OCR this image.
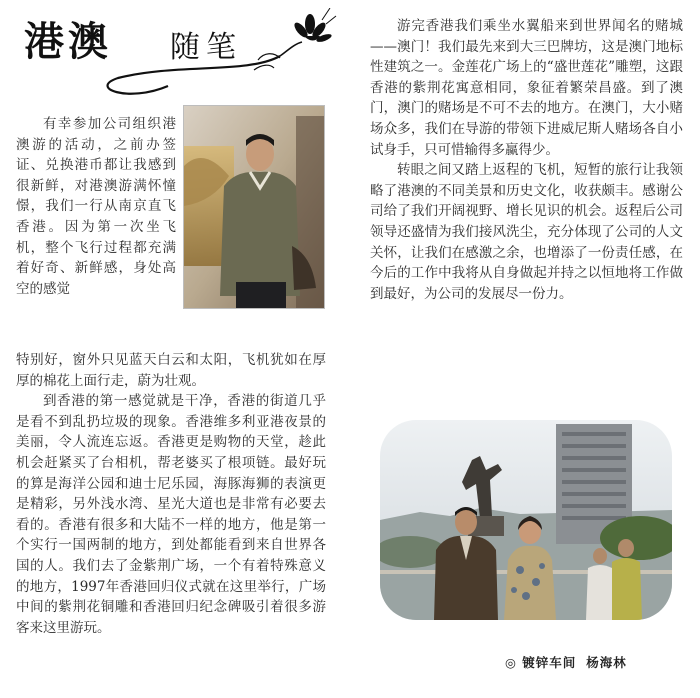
港澳 随笔

有幸参加公司组织港澳游的活动，之前办签证、兑换港币都让我感到很新鲜，对港澳游满怀憧憬，我们一行从南京直飞香港。因为第一次坐飞机，整个飞行过程都充满着好奇、新鲜感，身处高空的感觉

特别好，窗外只见蓝天白云和太阳，飞机犹如在厚厚的棉花上面行走，蔚为壮观。

到香港的第一感觉就是干净，香港的街道几乎是看不到乱扔垃圾的现象。香港维多利亚港夜景的美丽，令人流连忘返。香港更是购物的天堂，趁此机会赶紧买了台相机，帮老婆买了根项链。最好玩的算是海洋公园和迪士尼乐园，海豚海狮的表演更是精彩，另外浅水湾、星光大道也是非常有必要去看的。香港有很多和大陆不一样的地方，他是第一个实行一国两制的地方，到处都能看到来自世界各国的人。我们去了金紫荆广场，一个有着特殊意义的地方，1997年香港回归仪式就在这里举行，广场中间的紫荆花铜雕和香港回归纪念碑吸引着很多游客来这里游玩。

游完香港我们乘坐水翼船来到世界闻名的赌城——澳门！我们最先来到大三巴牌坊，这是澳门地标性建筑之一。金莲花广场上的“盛世莲花”雕塑，这跟香港的紫荆花寓意相同，象征着繁荣昌盛。到了澳门，澳门的赌场是不可不去的地方。在澳门，大小赌场众多，我们在导游的带领下进威尼斯人赌场各自小试身手，只可惜输得多赢得少。

转眼之间又踏上返程的飞机，短暂的旅行让我领略了港澳的不同美景和历史文化，收获颇丰。感谢公司给了我们开阔视野、增长见识的机会。返程后公司领导还盛情为我们接风洗尘，充分体现了公司的人文关怀，让我们在感激之余，也增添了一份责任感，在今后的工作中我将从自身做起并持之以恒地将工作做到最好，为公司的发展尽一份力。

◎ 镀锌车间 杨海林
